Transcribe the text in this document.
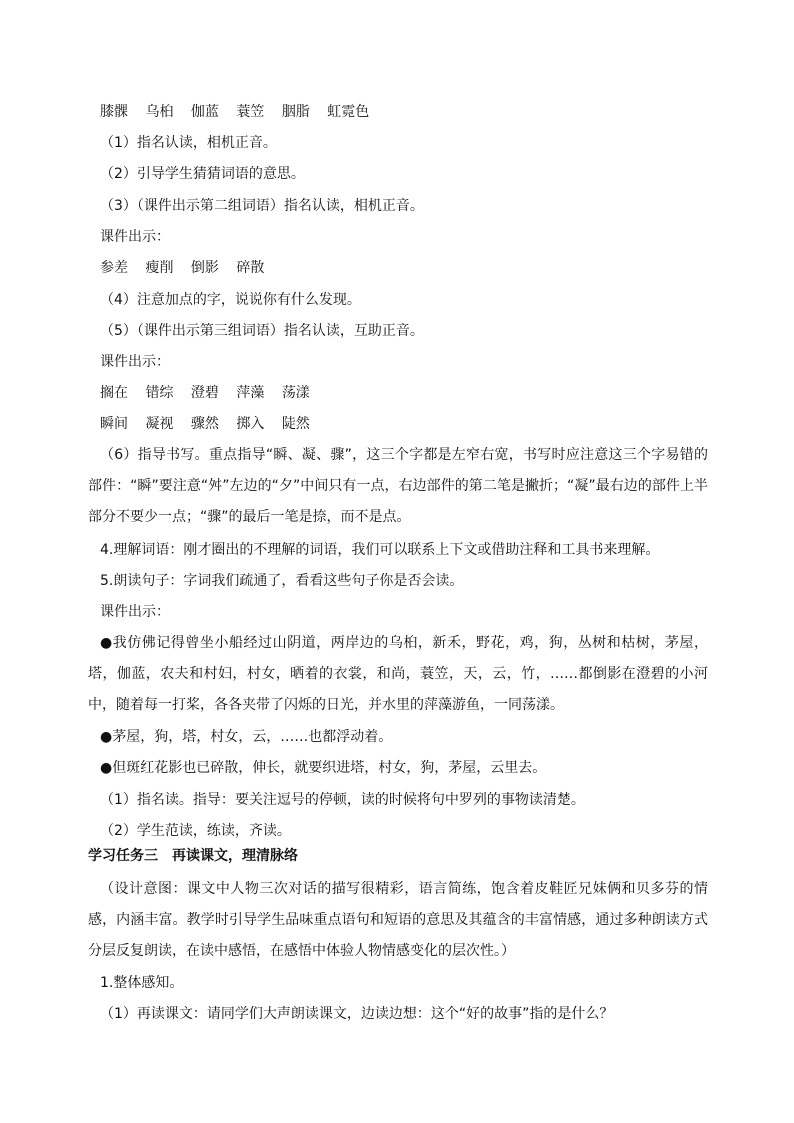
膝髁 乌桕 伽蓝 蓑笠 胭脂 虹霓色
（1）指名认读，相机正音。
（2）引导学生猜猜词语的意思。
（3）（课件出示第二组词语）指名认读，相机正音。
课件出示：
参差 瘦削 倒影 碎散
（4）注意加点的字，说说你有什么发现。
（5）（课件出示第三组词语）指名认读，互助正音。
课件出示：
搁在 错综 澄碧 萍藻 荡漾
瞬间 凝视 骤然 掷入 陡然
（6）指导书写。重点指导“瞬、凝、骤”，这三个字都是左窄右宽，书写时应注意这三个字易错的部件：“瞬”要注意“舛”左边的“夕”中间只有一点，右边部件的第二笔是撇折；“凝”最右边的部件上半部分不要少一点；“骤”的最后一笔是捺，而不是点。
4.理解词语：刚才圈出的不理解的词语，我们可以联系上下文或借助注释和工具书来理解。
5.朗读句子：字词我们疏通了，看看这些句子你是否会读。
课件出示：
●我仿佛记得曾坐小船经过山阴道，两岸边的乌桕，新禾，野花，鸡，狗，丛树和枯树，茅屋，塔，伽蓝，农夫和村妇，村女，晒着的衣裳，和尚，蓑笠，天，云，竹，……都倒影在澄碧的小河中，随着每一打桨，各各夹带了闪烁的日光，并水里的萍藻游鱼，一同荡漾。
●茅屋，狗，塔，村女，云，……也都浮动着。
●但斑红花影也已碎散，伸长，就要织进塔，村女，狗，茅屋，云里去。
（1）指名读。指导：要关注逗号的停顿，读的时候将句中罗列的事物读清楚。
（2）学生范读，练读，齐读。
学习任务三　再读课文，理清脉络
（设计意图：课文中人物三次对话的描写很精彩，语言简练，饱含着皮鞋匠兄妹俩和贝多芬的情感，内涵丰富。教学时引导学生品味重点语句和短语的意思及其蕴含的丰富情感，通过多种朗读方式分层反复朗读，在读中感悟，在感悟中体验人物情感变化的层次性。）
1.整体感知。
（1）再读课文：请同学们大声朗读课文，边读边想：这个“好的故事”指的是什么？
